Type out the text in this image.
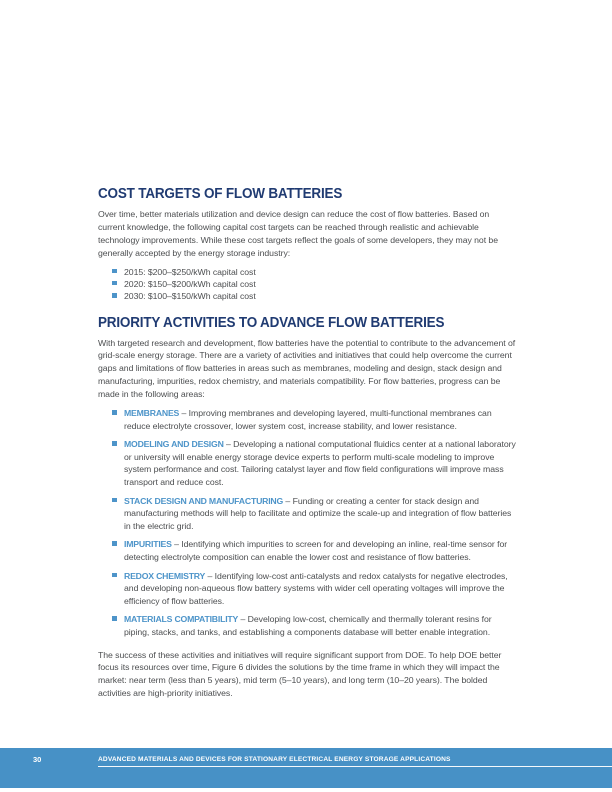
COST TARGETS OF FLOW BATTERIES

Over time, better materials utilization and device design can reduce the cost of flow batteries. Based on current knowledge, the following capital cost targets can be reached through realistic and achievable technology improvements. While these cost targets reflect the goals of some developers, they may not be generally accepted by the energy storage industry:

2015: $200–$250/kWh capital cost
2020: $150–$200/kWh capital cost
2030: $100–$150/kWh capital cost
PRIORITY ACTIVITIES TO ADVANCE FLOW BATTERIES

With targeted research and development, flow batteries have the potential to contribute to the advancement of grid-scale energy storage. There are a variety of activities and initiatives that could help overcome the current gaps and limitations of flow batteries in areas such as membranes, modeling and design, stack design and manufacturing, impurities, redox chemistry, and materials compatibility. For flow batteries, progress can be made in the following areas:

MEMBRANES – Improving membranes and developing layered, multi-functional membranes can reduce electrolyte crossover, lower system cost, increase stability, and lower resistance.
MODELING AND DESIGN – Developing a national computational fluidics center at a national laboratory or university will enable energy storage device experts to perform multi-scale modeling to improve system performance and cost. Tailoring catalyst layer and flow field configurations will improve mass transport and reduce cost.
STACK DESIGN AND MANUFACTURING – Funding or creating a center for stack design and manufacturing methods will help to facilitate and optimize the scale-up and integration of flow batteries in the electric grid.
IMPURITIES – Identifying which impurities to screen for and developing an inline, real-time sensor for detecting electrolyte composition can enable the lower cost and resistance of flow batteries.
REDOX CHEMISTRY – Identifying low-cost anti-catalysts and redox catalysts for negative electrodes, and developing non-aqueous flow battery systems with wider cell operating voltages will improve the efficiency of flow batteries.
MATERIALS COMPATIBILITY – Developing low-cost, chemically and thermally tolerant resins for piping, stacks, and tanks, and establishing a components database will better enable integration.

The success of these activities and initiatives will require significant support from DOE. To help DOE better focus its resources over time, Figure 6 divides the solutions by the time frame in which they will impact the market: near term (less than 5 years), mid term (5–10 years), and long term (10–20 years). The bolded activities are high-priority initiatives.

30	ADVANCED MATERIALS AND DEVICES FOR STATIONARY ELECTRICAL ENERGY STORAGE APPLICATIONS
